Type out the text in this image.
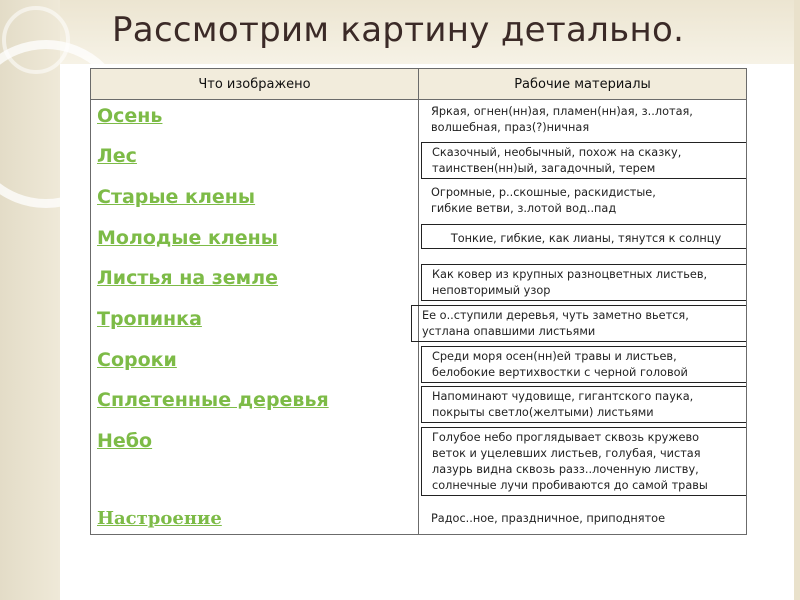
Рассмотрим картину детально.
Что изображено	Рабочие материалы
Осень	Яркая, огнен(нн)ая, пламен(нн)ая, з..лотая,
волшебная, праз(?)ничная

Лес	Сказочный, необычный, похож на сказку,
таинствен(нн)ый, загадочный, терем

Старые клены	Огромные, р..скошные, раскидистые,
гибкие ветви, з.лотой вод..пад

Молодые клены	Тонкие, гибкие, как лианы, тянутся к солнцу

Листья на земле	Как ковер из крупных разноцветных листьев,
неповторимый узор

Тропинка	Ее о..ступили деревья, чуть заметно вьется,
устлана опавшими листьями

Сороки	Среди моря осен(нн)ей травы и листьев,
белобокие вертихвостки с черной головой

Сплетенные деревья	Напоминают чудовище, гигантского паука,
покрыты светло(желтыми) листьями

Небо	Голубое небо проглядывает сквозь кружево
веток и уцелевших листьев, голубая, чистая
лазурь видна сквозь разз..лоченную листву,
солнечные лучи пробиваются до самой травы

Настроение	Радос..ное, праздничное, приподнятое
